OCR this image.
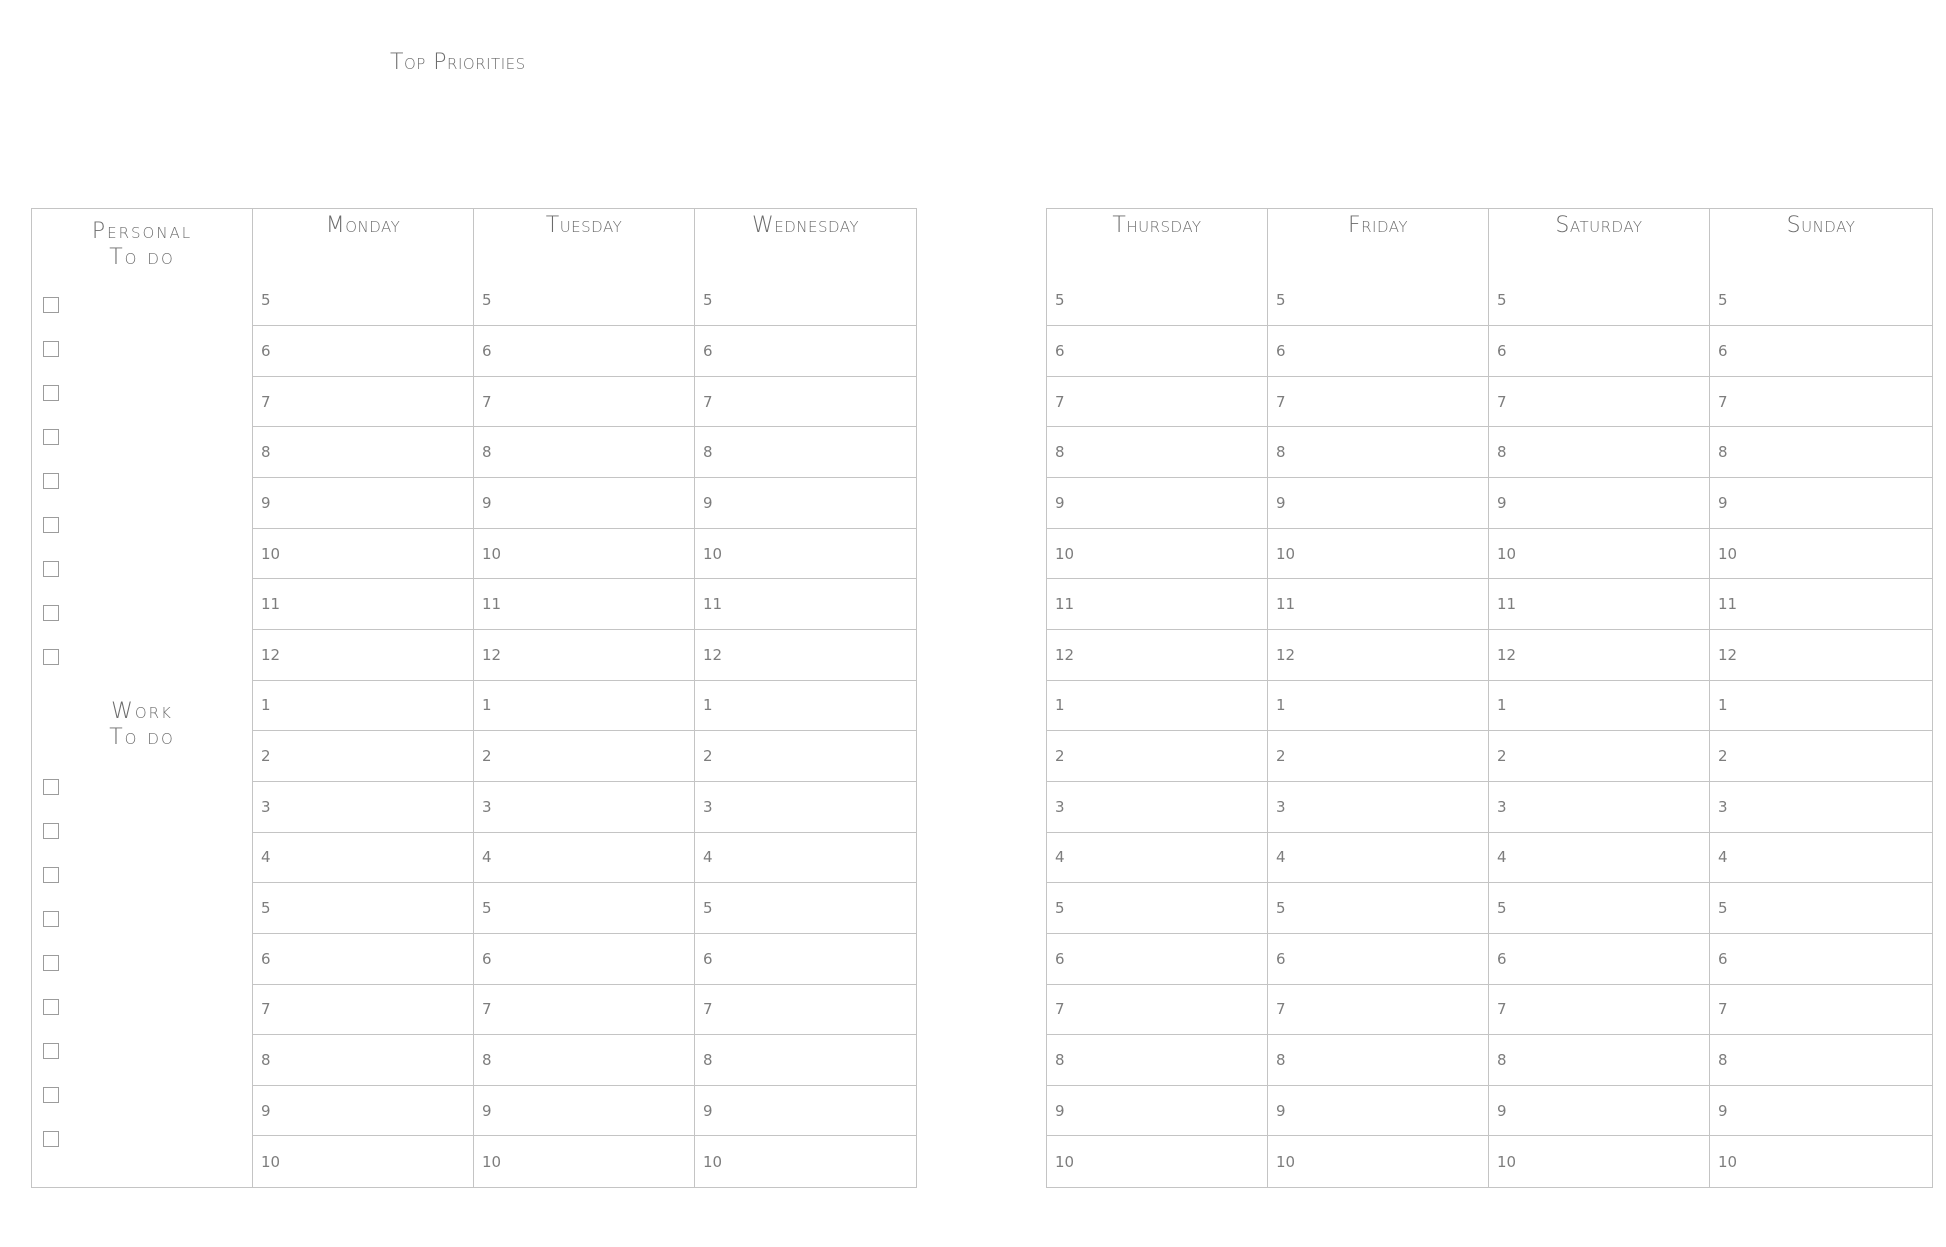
Top Priorities
Personal
To do
Work
To do
Monday
5
6
7
8
9
10
11
12
1
2
3
4
5
6
7
8
9
10
Tuesday
5
6
7
8
9
10
11
12
1
2
3
4
5
6
7
8
9
10
Wednesday
5
6
7
8
9
10
11
12
1
2
3
4
5
6
7
8
9
10
Thursday
5
6
7
8
9
10
11
12
1
2
3
4
5
6
7
8
9
10
Friday
5
6
7
8
9
10
11
12
1
2
3
4
5
6
7
8
9
10
Saturday
5
6
7
8
9
10
11
12
1
2
3
4
5
6
7
8
9
10
Sunday
5
6
7
8
9
10
11
12
1
2
3
4
5
6
7
8
9
10
